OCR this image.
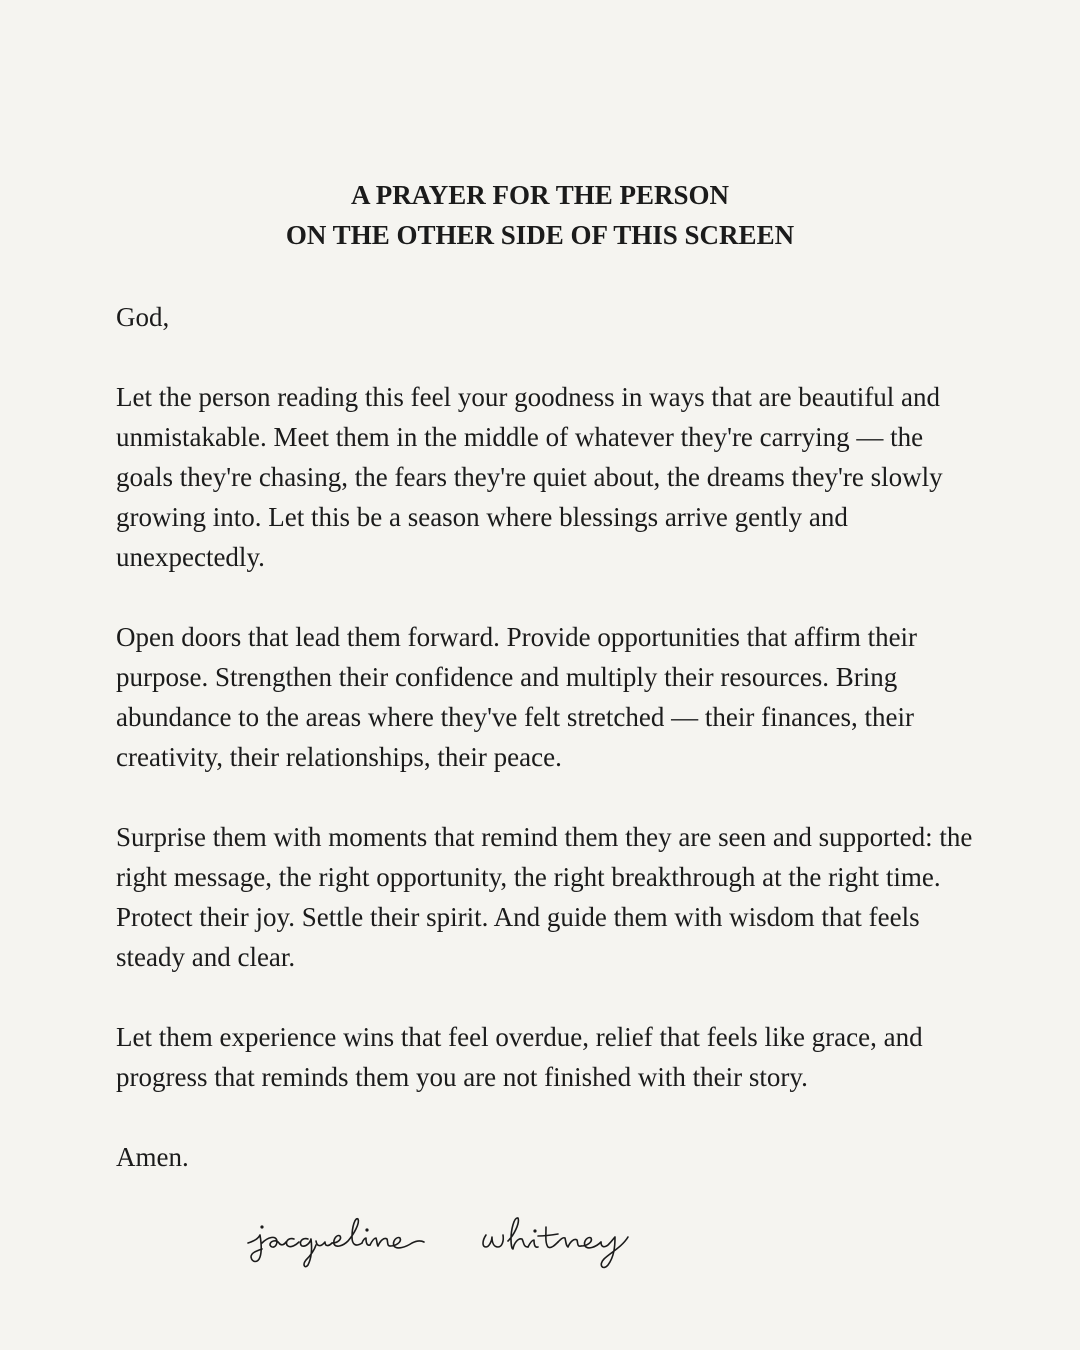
A PRAYER FOR THE PERSON
ON THE OTHER SIDE OF THIS SCREEN

God,

Let the person reading this feel your goodness in ways that are beautiful and unmistakable. Meet them in the middle of whatever they're carrying — the goals they're chasing, the fears they're quiet about, the dreams they're slowly growing into. Let this be a season where blessings arrive gently and unexpectedly.

Open doors that lead them forward. Provide opportunities that affirm their purpose. Strengthen their confidence and multiply their resources. Bring abundance to the areas where they've felt stretched — their finances, their creativity, their relationships, their peace.

Surprise them with moments that remind them they are seen and supported: the right message, the right opportunity, the right breakthrough at the right time. Protect their joy. Settle their spirit. And guide them with wisdom that feels steady and clear.

Let them experience wins that feel overdue, relief that feels like grace, and progress that reminds them you are not finished with their story.

Amen.
